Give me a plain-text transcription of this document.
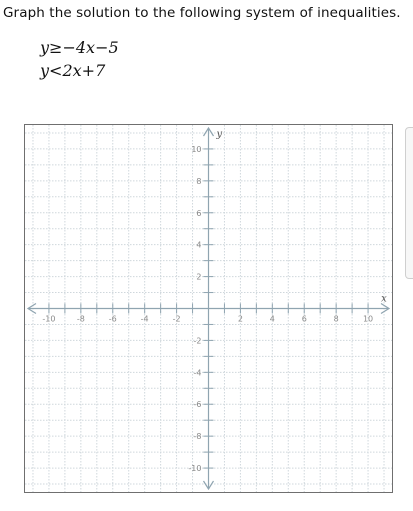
Graph the solution to the following system of inequalities.
y≥−4x−5
y<2x+7
-10	-8	-6	-4	-2	2	4	6	8	10
10
8
6
4
2
-2
-4
-6
-8
-10
x
y
